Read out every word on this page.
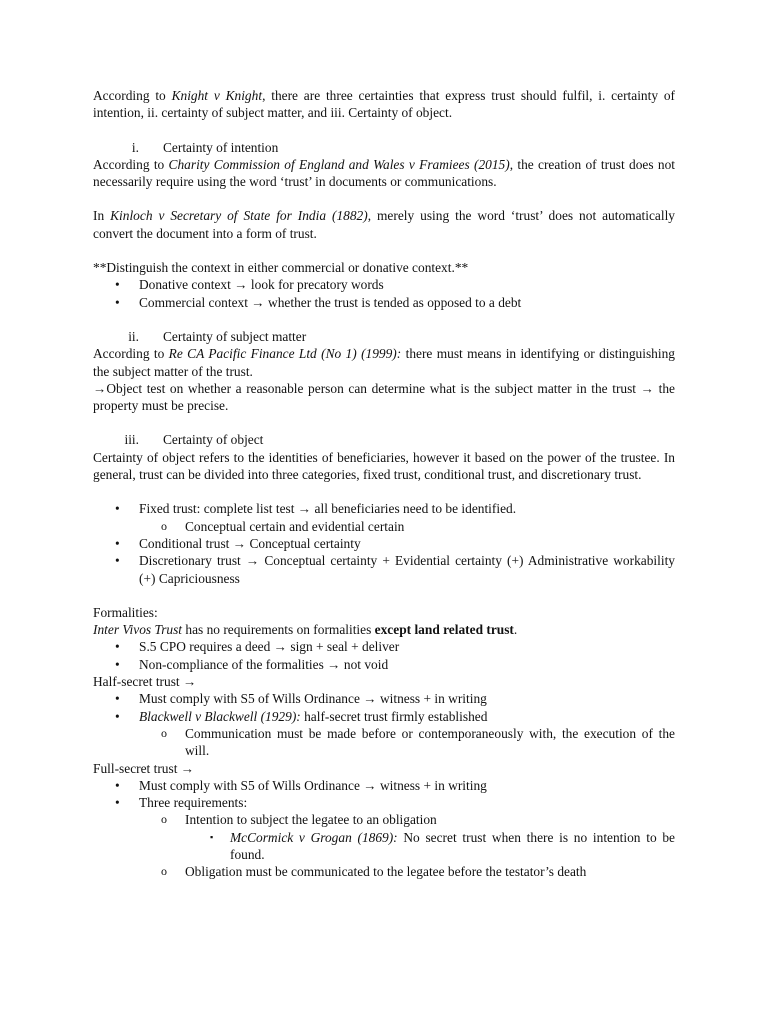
According to Knight v Knight, there are three certainties that express trust should fulfil, i. certainty of intention, ii. certainty of subject matter, and iii. Certainty of object.

i.	Certainty of intention

According to Charity Commission of England and Wales v Framiees (2015), the creation of trust does not necessarily require using the word ‘trust’ in documents or communications.

In Kinloch v Secretary of State for India (1882), merely using the word ‘trust’ does not automatically convert the document into a form of trust.

**Distinguish the context in either commercial or donative context.**

• Donative context → look for precatory words
• Commercial context → whether the trust is tended as opposed to a debt
ii.	Certainty of subject matter

According to Re CA Pacific Finance Ltd (No 1) (1999): there must means in identifying or distinguishing the subject matter of the trust.

→Object test on whether a reasonable person can determine what is the subject matter in the trust → the property must be precise.

iii.	Certainty of object

Certainty of object refers to the identities of beneficiaries, however it based on the power of the trustee. In general, trust can be divided into three categories, fixed trust, conditional trust, and discretionary trust.

• Fixed trust: complete list test → all beneficiaries need to be identified.
o Conceptual certain and evidential certain
• Conditional trust → Conceptual certainty
• Discretionary trust → Conceptual certainty + Evidential certainty (+) Administrative workability (+) Capriciousness

Formalities:

Inter Vivos Trust has no requirements on formalities except land related trust.

• S.5 CPO requires a deed → sign + seal + deliver
• Non-compliance of the formalities → not void

Half-secret trust →

• Must comply with S5 of Wills Ordinance → witness + in writing
• Blackwell v Blackwell (1929): half-secret trust firmly established
o Communication must be made before or contemporaneously with, the execution of the will.

Full-secret trust →

• Must comply with S5 of Wills Ordinance → witness + in writing
• Three requirements:
o Intention to subject the legatee to an obligation
▪ McCormick v Grogan (1869): No secret trust when there is no intention to be found.
o Obligation must be communicated to the legatee before the testator’s death
